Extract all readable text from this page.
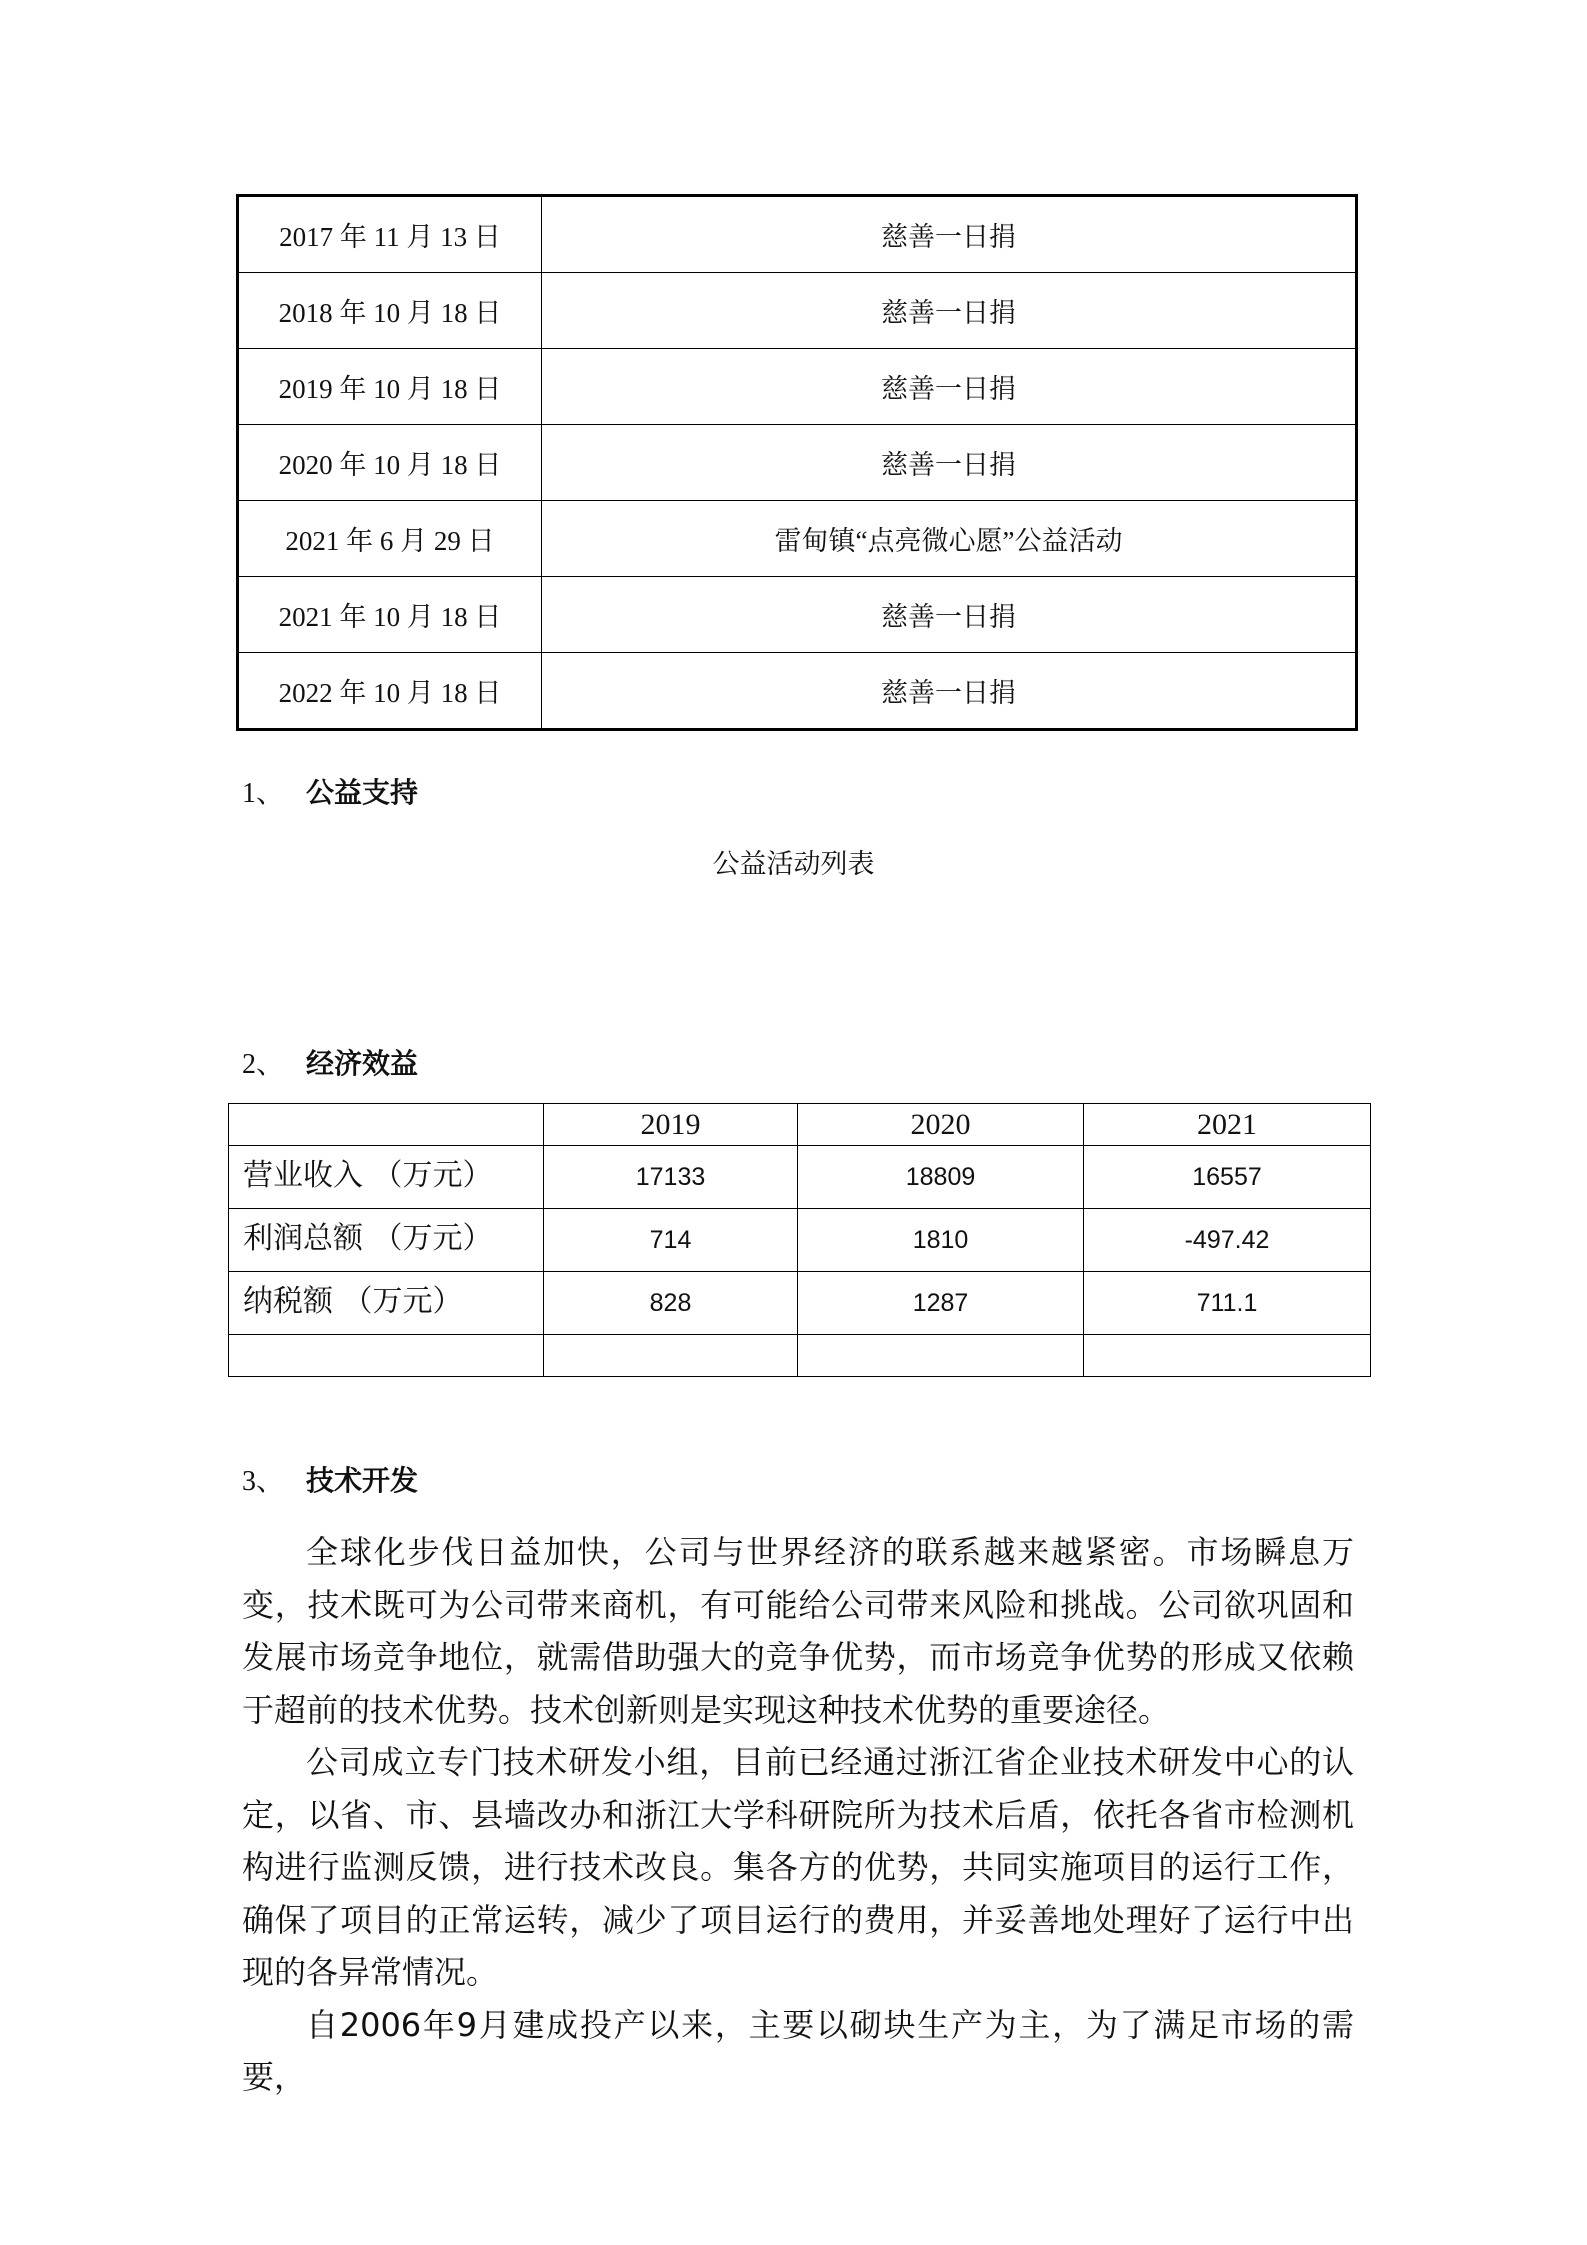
2017 年 11 月 13 日	慈善一日捐
2018 年 10 月 18 日	慈善一日捐
2019 年 10 月 18 日	慈善一日捐
2020 年 10 月 18 日	慈善一日捐
2021 年 6 月 29 日	雷甸镇“点亮微心愿”公益活动
2021 年 10 月 18 日	慈善一日捐
2022 年 10 月 18 日	慈善一日捐
1、 公益支持
公益活动列表
2、 经济效益
	2019	2020	2021
营业收入 （万元）	17133	18809	16557
利润总额 （万元）	714	1810	-497.42
纳税额 （万元）	828	1287	711.1

3、 技术开发

全球化步伐日益加快，公司与世界经济的联系越来越紧密。市场瞬息万变，技术既可为公司带来商机，有可能给公司带来风险和挑战。公司欲巩固和发展市场竞争地位，就需借助强大的竞争优势，而市场竞争优势的形成又依赖于超前的技术优势。技术创新则是实现这种技术优势的重要途径。

公司成立专门技术研发小组，目前已经通过浙江省企业技术研发中心的认定，以省、市、县墙改办和浙江大学科研院所为技术后盾，依托各省市检测机构进行监测反馈，进行技术改良。集各方的优势，共同实施项目的运行工作，确保了项目的正常运转，减少了项目运行的费用，并妥善地处理好了运行中出现的各异常情况。

自2006年9月建成投产以来，主要以砌块生产为主，为了满足市场的需要，
